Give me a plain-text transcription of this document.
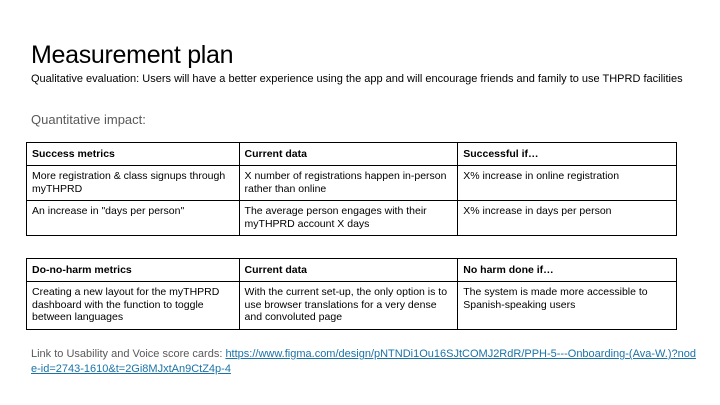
Measurement plan
Qualitative evaluation: Users will have a better experience using the app and will encourage friends and family to use THPRD facilities
Quantitative impact:
Success metrics	Current data	Successful if…
More registration & class signups through myTHPRD	X number of registrations happen in-person rather than online	X% increase in online registration
An increase in "days per person"	The average person engages with their myTHPRD account X days	X% increase in days per person
Do-no-harm metrics	Current data	No harm done if…
Creating a new layout for the myTHPRD dashboard with the function to toggle between languages	With the current set-up, the only option is to use browser translations for a very dense and convoluted page	The system is made more accessible to Spanish-speaking users
Link to Usability and Voice score cards: https://www.figma.com/design/pNTNDi1Ou16SJtCOMJ2RdR/PPH-5---Onboarding-(Ava-W.)?node-id=2743-1610&t=2Gi8MJxtAn9CtZ4p-4
